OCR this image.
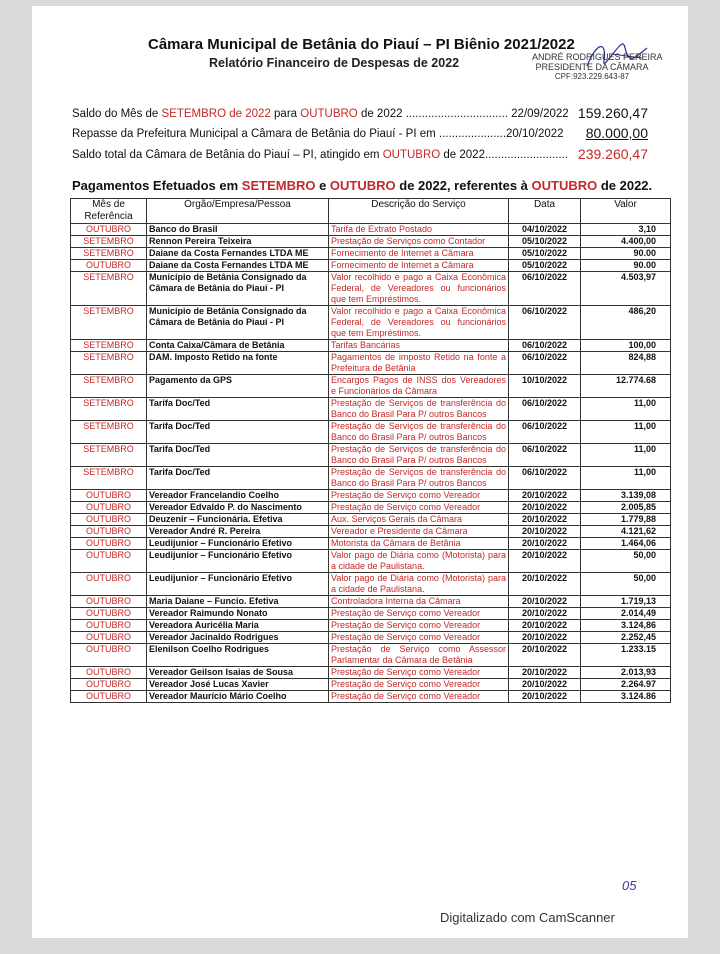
Câmara Municipal de Betânia do Piauí – PI Biênio 2021/2022
Relatório Financeiro de Despesas de 2022	ANDRÉ RODRIGUES PEREIRA
PRESIDENTE DA CÂMARA
CPF:923.229.643-87
Saldo do Mês de SETEMBRO de 2022 para OUTUBRO de 2022 ................................ 22/09/2022 159.260,47
Repasse da Prefeitura Municipal a Câmara de Betânia do Piauí - PI em .....................20/10/2022 80.000,00
Saldo total da Câmara de Betânia do Piauí – PI, atingido em OUTUBRO de 2022.......................... 239.260,47
Pagamentos Efetuados em SETEMBRO e OUTUBRO de 2022, referentes à OUTUBRO de 2022.
Mês de Referência	Órgão/Empresa/Pessoa	Descrição do Serviço	Data	Valor
OUTUBRO	Banco do Brasil	Tarifa de Extrato Postado	04/10/2022	3,10
SETEMBRO	Rennon Pereira Teixeira	Prestação de Serviços como Contador	05/10/2022	4.400,00
SETEMBRO	Daiane da Costa Fernandes LTDA ME	Fornecimento de Internet a Câmara	05/10/2022	90.00
OUTUBRO	Daiane da Costa Fernandes LTDA ME	Fornecimento de Internet a Câmara	05/10/2022	90.00
SETEMBRO	Município de Betânia Consignado da Câmara de Betânia do Piauí - PI	Valor recolhido e pago a Caixa Econômica Federal, de Vereadores ou funcionários que tem Empréstimos.	06/10/2022	4.503,97
SETEMBRO	Município de Betânia Consignado da Câmara de Betânia do Piauí - PI	Valor recolhido e pago a Caixa Econômica Federal, de Vereadores ou funcionários que tem Empréstimos.	06/10/2022	486,20
SETEMBRO	Conta Caixa/Câmara de Betânia	Tarifas Bancárias	06/10/2022	100,00
SETEMBRO	DAM. Imposto Retido na fonte	Pagamentos de imposto Retido na fonte a Prefeitura de Betânia	06/10/2022	824,88
SETEMBRO	Pagamento da GPS	Encargos Pagos de INSS dos Vereadores e Funcionários da Câmara	10/10/2022	12.774.68
SETEMBRO	Tarifa Doc/Ted	Prestação de Serviços de transferência do Banco do Brasil Para P/ outros Bancos	06/10/2022	11,00
SETEMBRO	Tarifa Doc/Ted	Prestação de Serviços de transferência do Banco do Brasil Para P/ outros Bancos	06/10/2022	11,00
SETEMBRO	Tarifa Doc/Ted	Prestação de Serviços de transferência do Banco do Brasil Para P/ outros Bancos	06/10/2022	11,00
SETEMBRO	Tarifa Doc/Ted	Prestação de Serviços de transferência do Banco do Brasil Para P/ outros Bancos	06/10/2022	11,00
OUTUBRO	Vereador Francelandio Coelho	Prestação de Serviço como Vereador	20/10/2022	3.139,08
OUTUBRO	Vereador Edvaldo P. do Nascimento	Prestação de Serviço como Vereador	20/10/2022	2.005,85
OUTUBRO	Deuzenir – Funcionária. Efetiva	Aux. Serviços Gerais da Câmara	20/10/2022	1.779,88
OUTUBRO	Vereador André R. Pereira	Vereador e Presidente da Câmara	20/10/2022	4.121,62
OUTUBRO	Leudijunior – Funcionário Efetivo	Motorista da Câmara de Betânia	20/10/2022	1.464,06
OUTUBRO	Leudijunior – Funcionário Efetivo	Valor pago de Diária como (Motorista) para a cidade de Paulistana.	20/10/2022	50,00
OUTUBRO	Leudijunior – Funcionário Efetivo	Valor pago de Diária como (Motorista) para a cidade de Paulistana.	20/10/2022	50,00
OUTUBRO	Maria Daiane – Funcio. Efetiva	Controladora Interna da Câmara	20/10/2022	1.719,13
OUTUBRO	Vereador Raimundo Nonato	Prestação de Serviço como Vereador	20/10/2022	2.014,49
OUTUBRO	Vereadora Auricélia Maria	Prestação de Serviço como Vereador	20/10/2022	3.124,86
OUTUBRO	Vereador Jacinaldo Rodrigues	Prestação de Serviço como Vereador	20/10/2022	2.252,45
OUTUBRO	Elenilson Coelho Rodrigues	Prestação de Serviço como Assessor Parlamentar da Câmara de Betânia	20/10/2022	1.233.15
OUTUBRO	Vereador Geilson Isaias de Sousa	Prestação de Serviço como Vereador	20/10/2022	2.013,93
OUTUBRO	Vereador José Lucas Xavier	Prestação de Serviço como Vereador	20/10/2022	2.264.97
OUTUBRO	Vereador Maurício Mário Coelho	Prestação de Serviço como Vereador	20/10/2022	3.124.86
05
Digitalizado com CamScanner
